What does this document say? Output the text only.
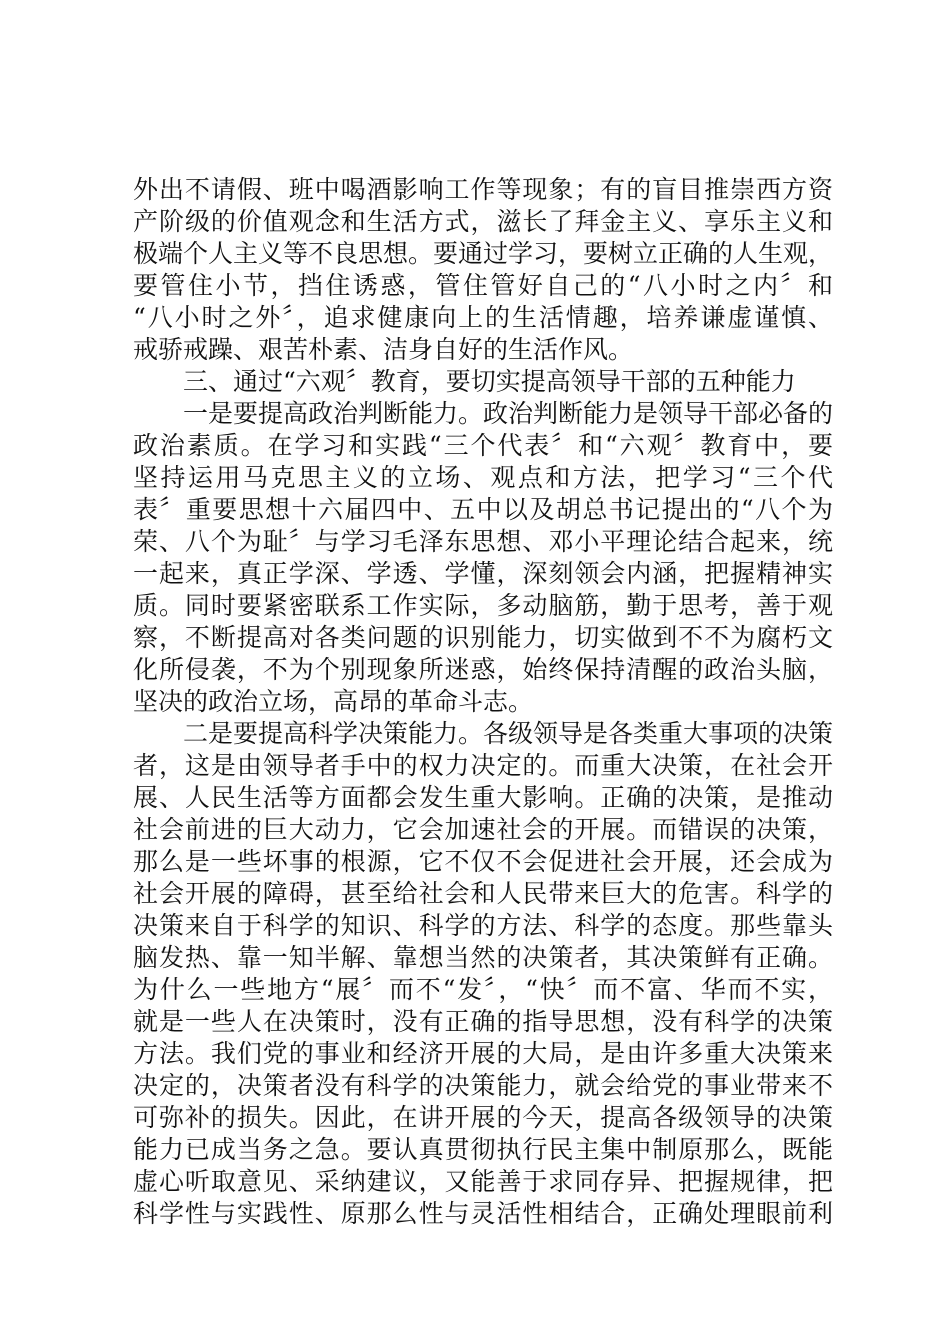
外出不请假、班中喝酒影响工作等现象；有的盲目推崇西方资
产阶级的价值观念和生活方式，滋长了拜金主义、享乐主义和
极端个人主义等不良思想。要通过学习，要树立正确的人生观，
要管住小节，挡住诱惑，管住管好自己的“八小时之内〞和
“八小时之外〞，追求健康向上的生活情趣，培养谦虚谨慎、
戒骄戒躁、艰苦朴素、洁身自好的生活作风。
三、通过“六观〞教育，要切实提高领导干部的五种能力
一是要提高政治判断能力。政治判断能力是领导干部必备的
政治素质。在学习和实践“三个代表〞和“六观〞教育中，要
坚持运用马克思主义的立场、观点和方法，把学习“三个代
表〞重要思想十六届四中、五中以及胡总书记提出的“八个为
荣、八个为耻〞与学习毛泽东思想、邓小平理论结合起来，统
一起来，真正学深、学透、学懂，深刻领会内涵，把握精神实
质。同时要紧密联系工作实际，多动脑筋，勤于思考，善于观
察，不断提高对各类问题的识别能力，切实做到不不为腐朽文
化所侵袭，不为个别现象所迷惑，始终保持清醒的政治头脑，
坚决的政治立场，高昂的革命斗志。
二是要提高科学决策能力。各级领导是各类重大事项的决策
者，这是由领导者手中的权力决定的。而重大决策，在社会开
展、人民生活等方面都会发生重大影响。正确的决策，是推动
社会前进的巨大动力，它会加速社会的开展。而错误的决策，
那么是一些坏事的根源，它不仅不会促进社会开展，还会成为
社会开展的障碍，甚至给社会和人民带来巨大的危害。科学的
决策来自于科学的知识、科学的方法、科学的态度。那些靠头
脑发热、靠一知半解、靠想当然的决策者，其决策鲜有正确。
为什么一些地方“展〞而不“发〞，“快〞而不富、华而不实，
就是一些人在决策时，没有正确的指导思想，没有科学的决策
方法。我们党的事业和经济开展的大局，是由许多重大决策来
决定的，决策者没有科学的决策能力，就会给党的事业带来不
可弥补的损失。因此，在讲开展的今天，提高各级领导的决策
能力已成当务之急。要认真贯彻执行民主集中制原那么，既能
虚心听取意见、采纳建议，又能善于求同存异、把握规律，把
科学性与实践性、原那么性与灵活性相结合，正确处理眼前利
